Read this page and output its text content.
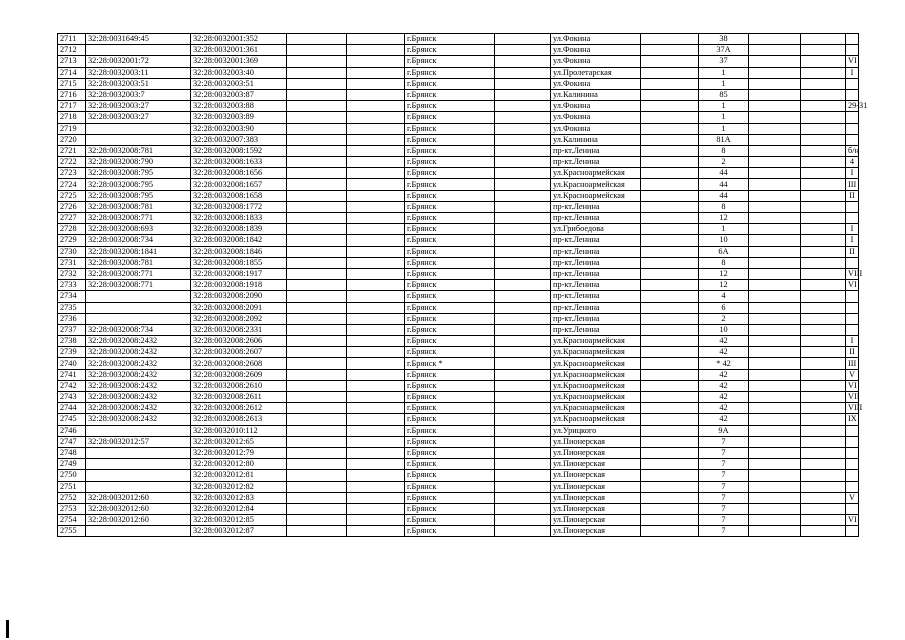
2711	32:28:0031649:45	32:28:0032001:352			г.Брянск		ул.Фокина		38			
2712		32:28:0032001:361			г.Брянск		ул.Фокина		37А			
2713	32:28:0032001:72	32:28:0032001:369			г.Брянск		ул.Фокина		37			VI
2714	32:28:0032003:11	32:28:0032003:40			г.Брянск		ул.Пролетарская		1			I
2715	32:28:0032003:51	32:28:0032003:51			г.Брянск		ул.Фокина		1			
2716	32:28:0032003:7	32:28:0032003:87			г.Брянск		ул.Калинина		85			
2717	32:28:0032003:27	32:28:0032003:88			г.Брянск		ул.Фокина		1			29-31
2718	32:28:0032003:27	32:28:0032003:89			г.Брянск		ул.Фокина		1			
2719		32:28:0032003:90			г.Брянск		ул.Фокина		1			
2720		32:28:0032007:383			г.Брянск		ул.Калинина		81А			
2721	32:28:0032008:781	32:28:0032008:1592			г.Брянск		пр-кт.Ленина		8			б/н
2722	32:28:0032008:790	32:28:0032008:1633			г.Брянск		пр-кт.Ленина		2			4
2723	32:28:0032008:795	32:28:0032008:1656			г.Брянск		ул.Красноармейская		44			I
2724	32:28:0032008:795	32:28:0032008:1657			г.Брянск		ул.Красноармейская		44			III
2725	32:28:0032008:795	32:28:0032008:1658			г.Брянск		ул.Красноармейская		44			II
2726	32:28:0032008:781	32:28:0032008:1772			г.Брянск		пр-кт.Ленина		8			
2727	32:28:0032008:771	32:28:0032008:1833			г.Брянск		пр-кт.Ленина		12			
2728	32:28:0032008:693	32:28:0032008:1839			г.Брянск		ул.Грибоедова		1			I
2729	32:28:0032008:734	32:28:0032008:1842			г.Брянск		пр-кт.Ленина		10			I
2730	32:28:0032008:1841	32:28:0032008:1846			г.Брянск		пр-кт.Ленина		6А			II
2731	32:28:0032008:781	32:28:0032008:1855			г.Брянск		пр-кт.Ленина		8			
2732	32:28:0032008:771	32:28:0032008:1917			г.Брянск		пр-кт.Ленина		12			VIII
2733	32:28:0032008:771	32:28:0032008:1918			г.Брянск		пр-кт.Ленина		12			VI
2734		32:28:0032008:2090			г.Брянск		пр-кт.Ленина		4			
2735		32:28:0032008:2091			г.Брянск		пр-кт.Ленина		6			
2736		32:28:0032008:2092			г.Брянск		пр-кт.Ленина		2			
2737	32:28:0032008:734	32:28:0032008:2331			г.Брянск		пр-кт.Ленина		10			
2738	32:28:0032008:2432	32:28:0032008:2606			г.Брянск		ул.Красноармейская		42			I
2739	32:28:0032008:2432	32:28:0032008:2607			г.Брянск		ул.Красноармейская		42			II
2740	32:28:0032008:2432	32:28:0032008:2608			г.Брянск *		ул.Красноармейская		* 42			III
2741	32:28:0032008:2432	32:28:0032008:2609			г.Брянск		ул.Красноармейская		42			V
2742	32:28:0032008:2432	32:28:0032008:2610			г.Брянск		ул.Красноармейская		42			VI
2743	32:28:0032008:2432	32:28:0032008:2611			г.Брянск		ул.Красноармейская		42			VII
2744	32:28:0032008:2432	32:28:0032008:2612			г.Брянск		ул.Красноармейская		42			VIII
2745	32:28:0032008:2432	32:28:0032008:2613			г.Брянск		ул.Красноармейская		42			IX
2746		32:28:0032010:112			г.Брянск		ул.Урицкого		9А			
2747	32:28:0032012:57	32:28:0032012:65			г.Брянск		ул.Пионерская		7			
2748		32:28:0032012:79			г.Брянск		ул.Пионерская		7			
2749		32:28:0032012:80			г.Брянск		ул.Пионерская		7			
2750		32:28:0032012:81			г.Брянск		ул.Пионерская		7			
2751		32:28:0032012:82			г.Брянск		ул.Пионерская		7			
2752	32:28:0032012:60	32:28:0032012:83			г.Брянск		ул.Пионерская		7			V
2753	32:28:0032012:60	32:28:0032012:84			г.Брянск		ул.Пионерская		7			
2754	32:28:0032012:60	32:28:0032012:85			г.Брянск		ул.Пионерская		7			VI
2755		32:28:0032012:87			г.Брянск		ул.Пионерская		7			
